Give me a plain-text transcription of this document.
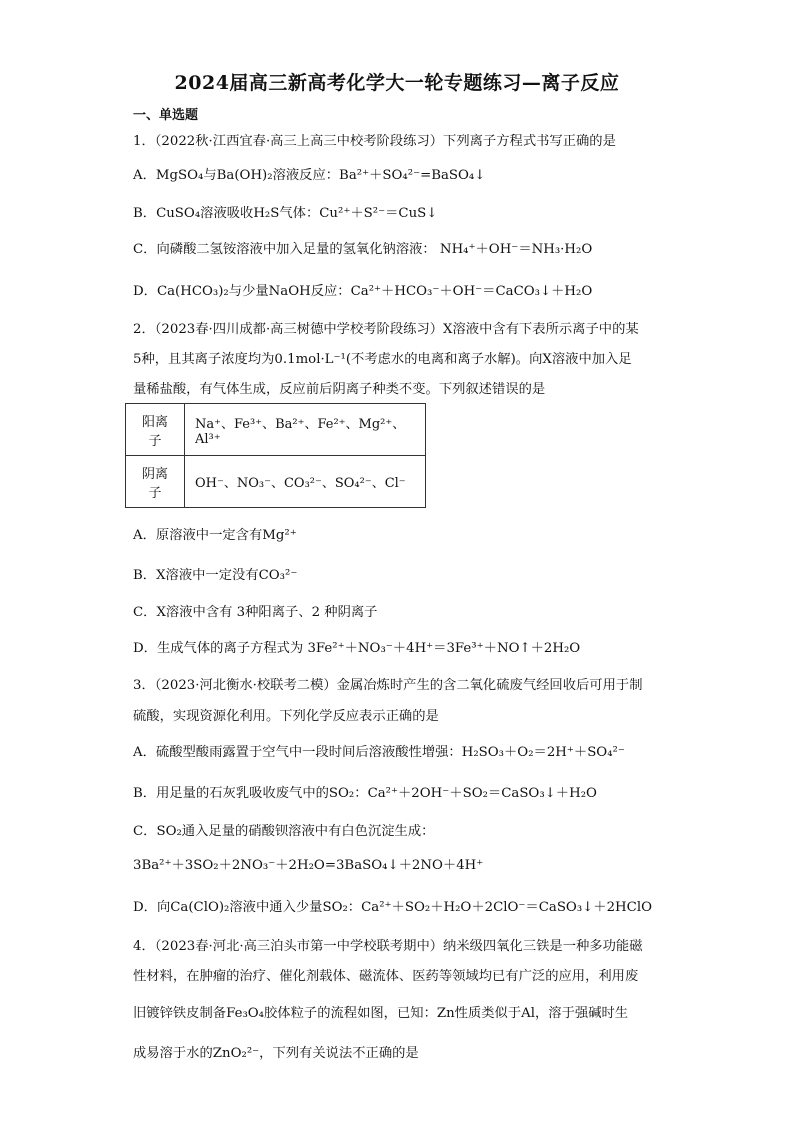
2024届高三新高考化学大一轮专题练习—离子反应
一、单选题
1．（2022秋·江西宜春·高三上高三中校考阶段练习）下列离子方程式书写正确的是
A．MgSO₄与Ba(OH)₂溶液反应：Ba²⁺＋SO₄²⁻=BaSO₄↓
B．CuSO₄溶液吸收H₂S气体：Cu²⁺＋S²⁻＝CuS↓
C．向磷酸二氢铵溶液中加入足量的氢氧化钠溶液： NH₄⁺＋OH⁻＝NH₃·H₂O
D．Ca(HCO₃)₂与少量NaOH反应：Ca²⁺＋HCO₃⁻＋OH⁻＝CaCO₃↓＋H₂O
2．（2023春·四川成都·高三树德中学校考阶段练习）X溶液中含有下表所示离子中的某
5种，且其离子浓度均为0.1mol·L⁻¹(不考虑水的电离和离子水解)。向X溶液中加入足
量稀盐酸，有气体生成，反应前后阴离子种类不变。下列叙述错误的是
阳离子	Na⁺、Fe³⁺、Ba²⁺、Fe²⁺、Mg²⁺、Al³⁺
阴离子	OH⁻、NO₃⁻、CO₃²⁻、SO₄²⁻、Cl⁻
A．原溶液中一定含有Mg²⁺
B．X溶液中一定没有CO₃²⁻
C．X溶液中含有 3种阳离子、2 种阴离子
D．生成气体的离子方程式为 3Fe²⁺＋NO₃⁻＋4H⁺＝3Fe³⁺＋NO↑＋2H₂O
3．（2023·河北衡水·校联考二模）金属冶炼时产生的含二氧化硫废气经回收后可用于制
硫酸，实现资源化利用。下列化学反应表示正确的是
A．硫酸型酸雨露置于空气中一段时间后溶液酸性增强：H₂SO₃＋O₂＝2H⁺＋SO₄²⁻
B．用足量的石灰乳吸收废气中的SO₂：Ca²⁺＋2OH⁻＋SO₂＝CaSO₃↓＋H₂O
C．SO₂通入足量的硝酸钡溶液中有白色沉淀生成：
3Ba²⁺＋3SO₂＋2NO₃⁻＋2H₂O=3BaSO₄↓＋2NO＋4H⁺
D．向Ca(ClO)₂溶液中通入少量SO₂：Ca²⁺＋SO₂＋H₂O＋2ClO⁻＝CaSO₃↓＋2HClO
4．（2023春·河北·高三泊头市第一中学校联考期中）纳米级四氧化三铁是一种多功能磁
性材料，在肿瘤的治疗、催化剂载体、磁流体、医药等领域均已有广泛的应用，利用废
旧镀锌铁皮制备Fe₃O₄胶体粒子的流程如图，已知：Zn性质类似于Al，溶于强碱时生
成易溶于水的ZnO₂²⁻，下列有关说法不正确的是
